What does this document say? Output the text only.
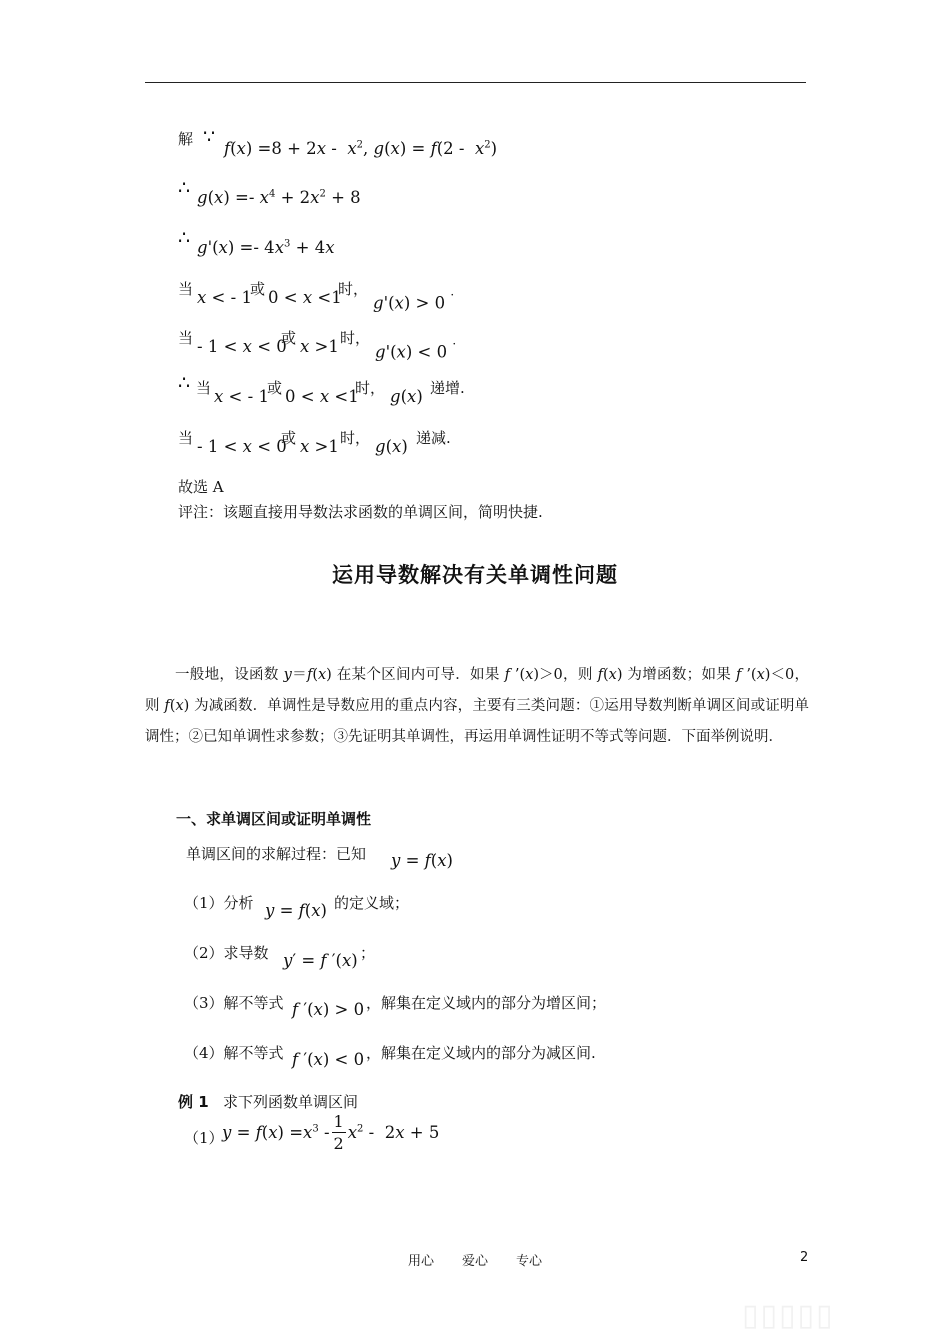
解 ∵
$f(x) =8 + 2x - x^2$, $g(x) = f(2 - x^2)$
∴ $g(x) =- x^4 + 2x^2 + 8$
∴ $g'(x) =- 4x^3 + 4x$
当 x < - 1
或 0 < x <1
时，
g'(x) > 0 ·
当 - 1 < x < 0
或 x >1 时，
g'(x) < 0 ·
∴ 当 x < - 1
或 0 < x <1
时， g(x) 递增.
当 - 1 < x < 0
或 x >1 时， g(x) 递减.
故选 A
评注：该题直接用导数法求函数的单调区间，简明快捷.
运用导数解决有关单调性问题
一般地，设函数 y＝f(x) 在某个区间内可导．如果 f ’(x)＞0，则 f(x) 为增函数；如果 f ’(x)＜0，则 f(x) 为减函数．单调性是导数应用的重点内容，主要有三类问题：①运用导数判断单调区间或证明单调性；②已知单调性求参数；③先证明其单调性，再运用单调性证明不等式等问题．下面举例说明．
一、求单调区间或证明单调性
单调区间的求解过程：已知 y = f(x)
（1）分析 y = f(x) 的定义域；
（2）求导数 y′ = f ′(x) ；
（3）解不等式 f ′(x) > 0 ，解集在定义域内的部分为增区间；
（4）解不等式 f ′(x) < 0 ，解集在定义域内的部分为减区间.
例 1 求下列函数单调区间
（1）
$y = f(x) =x^3 - \frac{1}{2} x^2 - 2x + 5$
用心 爱心 专心	2
▯▯▯▯▯
